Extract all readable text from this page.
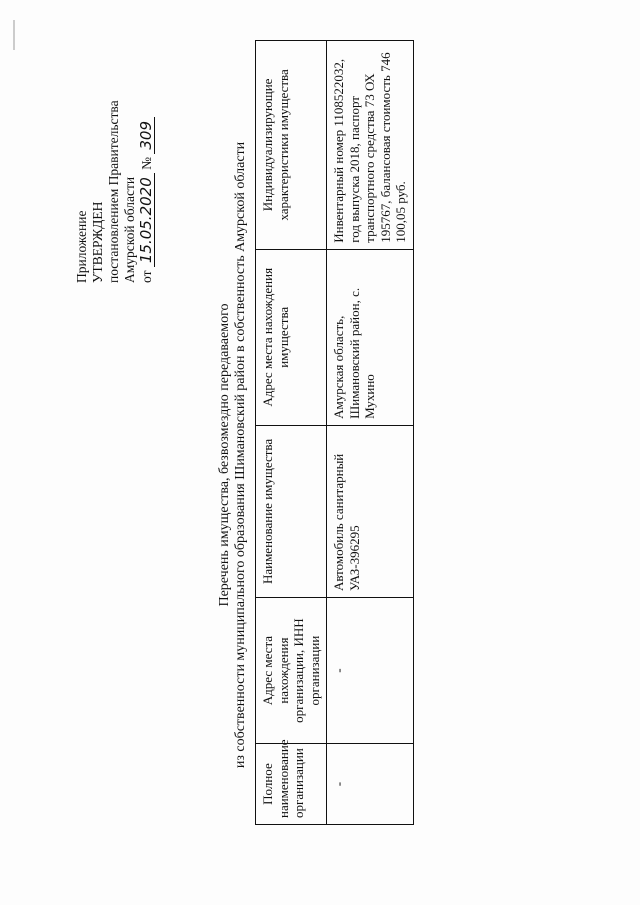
Приложение УТВЕРЖДЕН постановлением Правительства Амурской области от 15.05.2020 № 309
Перечень имущества, безвозмездно передаваемого из собственности муниципального образования Шимановский район в собственность Амурской области
Полное наименование организации	Адрес места нахождения организации, ИНН организации	Наименование имущества	Адрес места нахождения имущества	Индивидуализирующие характеристики имущества
-	-	Автомобиль санитарный УАЗ-396295	Амурская область, Шимановский район, с. Мухино	Инвентарный номер 1108522032, год выпуска 2018, паспорт транспортного средства 73 ОХ 195767, балансовая стоимость 746 100,05 руб.
